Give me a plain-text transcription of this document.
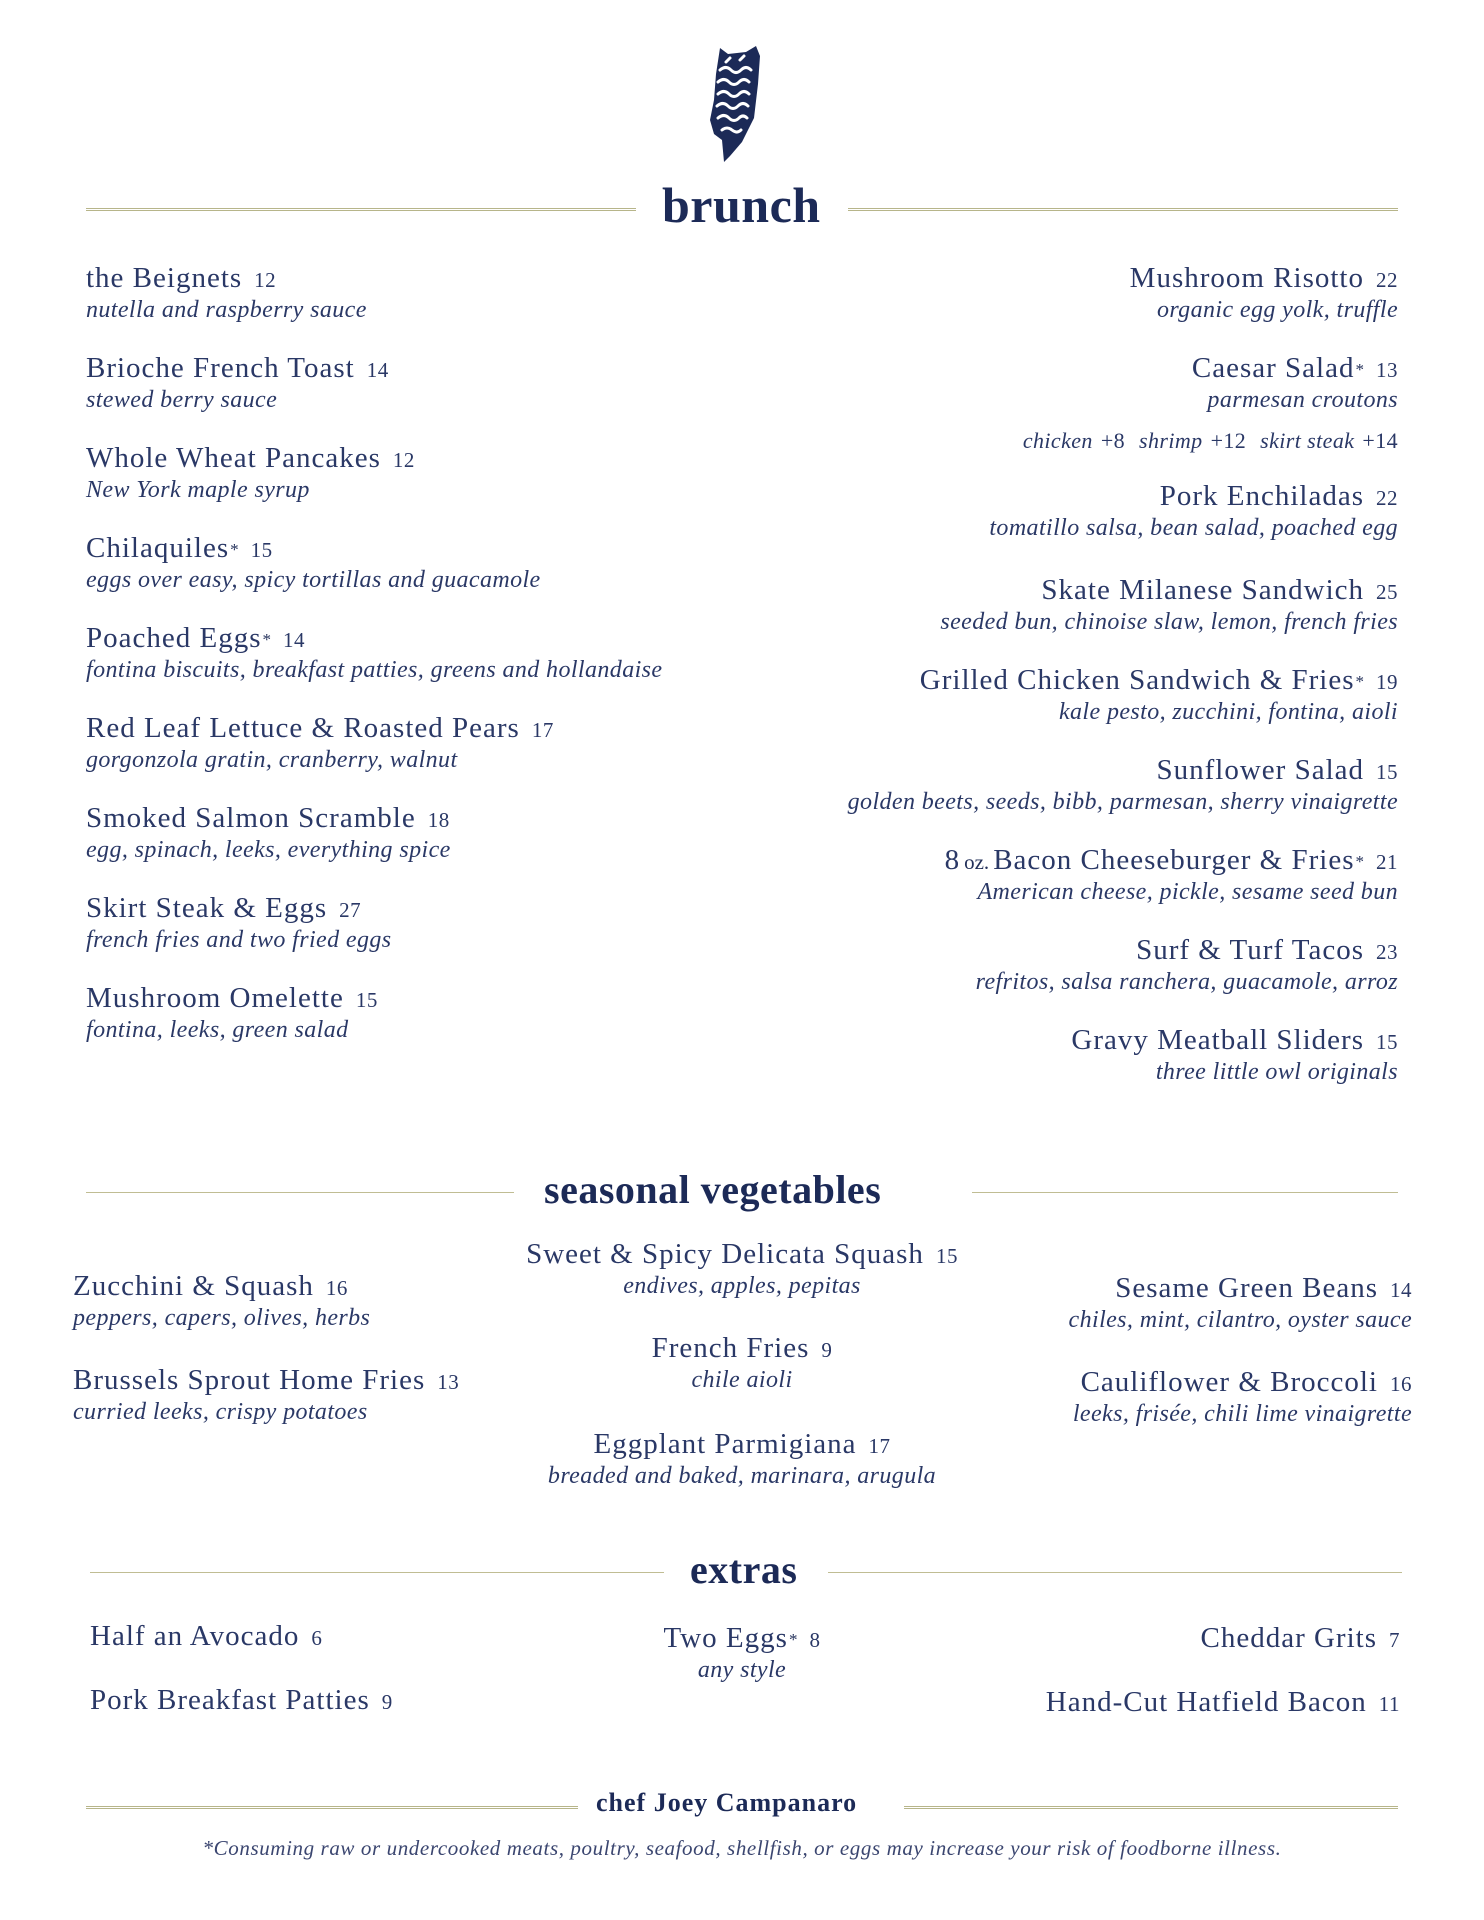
brunch
the Beignets 12
nutella and raspberry sauce
Brioche French Toast 14
stewed berry sauce
Whole Wheat Pancakes 12
New York maple syrup
Chilaquiles* 15
eggs over easy, spicy tortillas and guacamole
Poached Eggs* 14
fontina biscuits, breakfast patties, greens and hollandaise
Red Leaf Lettuce & Roasted Pears 17
gorgonzola gratin, cranberry, walnut
Smoked Salmon Scramble 18
egg, spinach, leeks, everything spice
Skirt Steak & Eggs 27
french fries and two fried eggs
Mushroom Omelette 15
fontina, leeks, green salad
Mushroom Risotto 22
organic egg yolk, truffle
Caesar Salad* 13
parmesan croutons
chicken +8 shrimp +12 skirt steak +14
Pork Enchiladas 22
tomatillo salsa, bean salad, poached egg
Skate Milanese Sandwich 25
seeded bun, chinoise slaw, lemon, french fries
Grilled Chicken Sandwich & Fries* 19
kale pesto, zucchini, fontina, aioli
Sunflower Salad 15
golden beets, seeds, bibb, parmesan, sherry vinaigrette
8 oz. Bacon Cheeseburger & Fries* 21
American cheese, pickle, sesame seed bun
Surf & Turf Tacos 23
refritos, salsa ranchera, guacamole, arroz
Gravy Meatball Sliders 15
three little owl originals
seasonal vegetables
Zucchini & Squash 16
peppers, capers, olives, herbs
Brussels Sprout Home Fries 13
curried leeks, crispy potatoes
Sweet & Spicy Delicata Squash 15
endives, apples, pepitas
French Fries 9
chile aioli
Eggplant Parmigiana 17
breaded and baked, marinara, arugula
Sesame Green Beans 14
chiles, mint, cilantro, oyster sauce
Cauliflower & Broccoli 16
leeks, frisée, chili lime vinaigrette
extras
Half an Avocado 6
Pork Breakfast Patties 9
Two Eggs* 8
any style
Cheddar Grits 7
Hand-Cut Hatfield Bacon 11
chef Joey Campanaro
*Consuming raw or undercooked meats, poultry, seafood, shellfish, or eggs may increase your risk of foodborne illness.
